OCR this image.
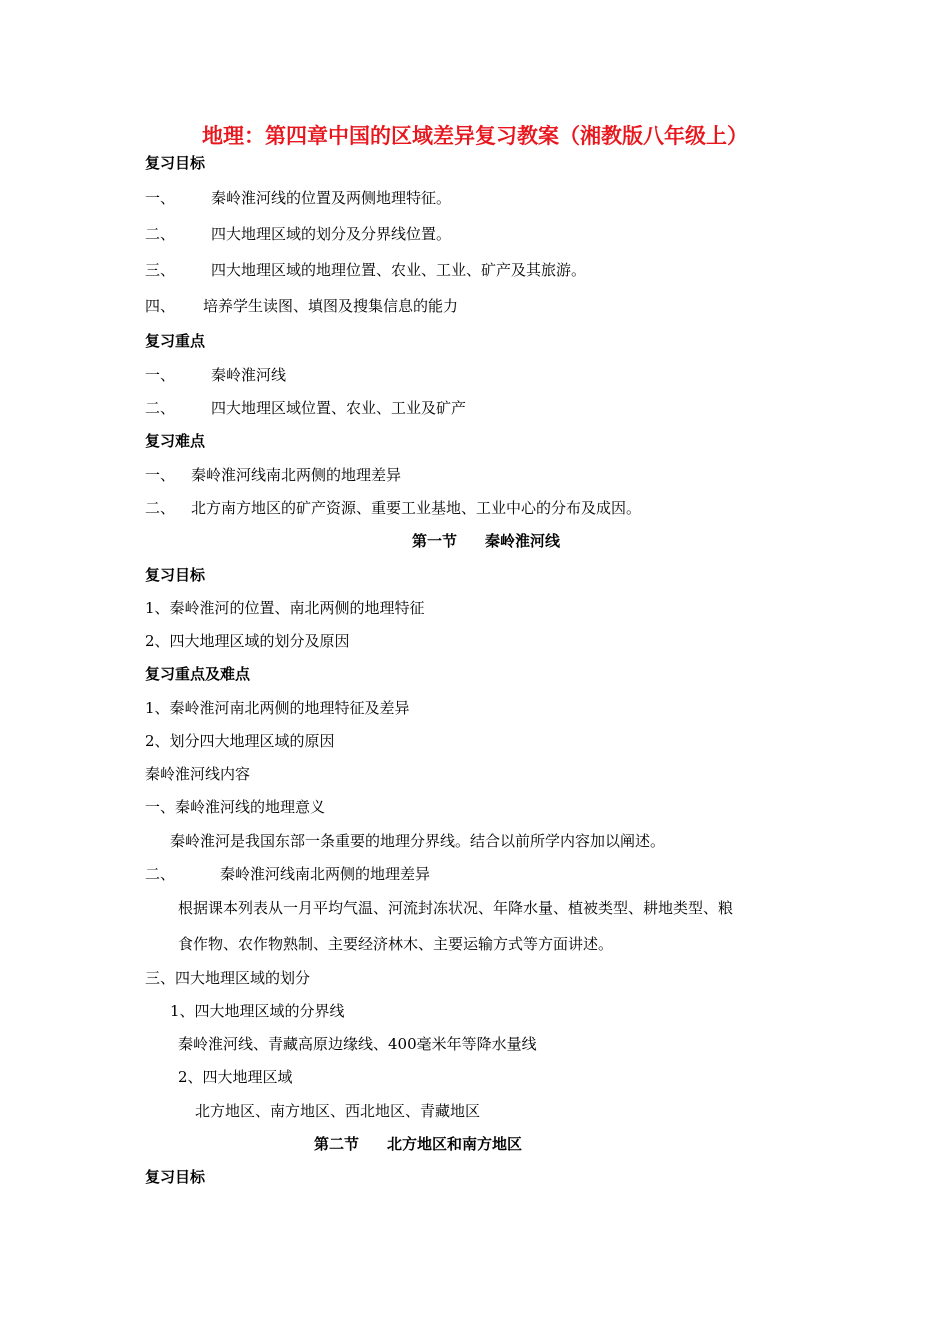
地理：第四章中国的区域差异复习教案（湘教版八年级上）
复习目标
一、 秦岭淮河线的位置及两侧地理特征。
二、 四大地理区域的划分及分界线位置。
三、 四大地理区域的地理位置、农业、工业、矿产及其旅游。
四、 培养学生读图、填图及搜集信息的能力
复习重点
一、 秦岭淮河线
二、 四大地理区域位置、农业、工业及矿产
复习难点
一、 秦岭淮河线南北两侧的地理差异
二、 北方南方地区的矿产资源、重要工业基地、工业中心的分布及成因。
第一节 秦岭淮河线
复习目标
1、秦岭淮河的位置、南北两侧的地理特征
2、四大地理区域的划分及原因
复习重点及难点
1、秦岭淮河南北两侧的地理特征及差异
2、划分四大地理区域的原因
秦岭淮河线内容
一、秦岭淮河线的地理意义
秦岭淮河是我国东部一条重要的地理分界线。结合以前所学内容加以阐述。
二、	秦岭淮河线南北两侧的地理差异
根据课本列表从一月平均气温、河流封冻状况、年降水量、植被类型、耕地类型、粮
食作物、农作物熟制、主要经济林木、主要运输方式等方面讲述。
三、四大地理区域的划分
1、四大地理区域的分界线
秦岭淮河线、青藏高原边缘线、400毫米年等降水量线
2、四大地理区域
北方地区、南方地区、西北地区、青藏地区
第二节 北方地区和南方地区
复习目标
